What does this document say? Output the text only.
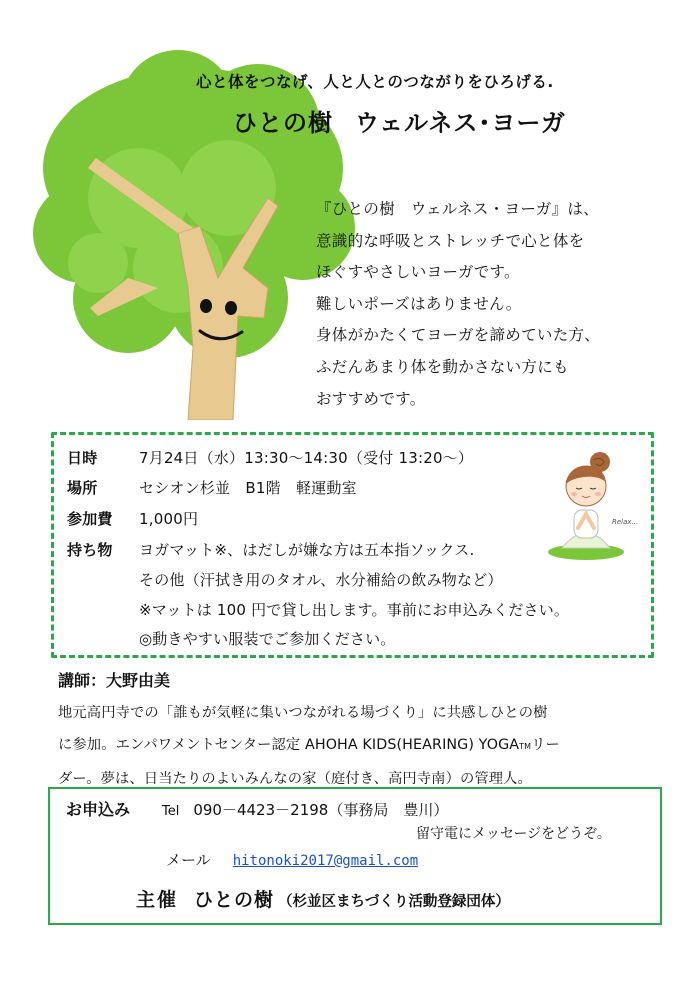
心と体をつなげ、人と人とのつながりをひろげる.
ひとの樹 ウェルネス･ヨーガ
『ひとの樹　ウェルネス・ヨーガ』は、
意識的な呼吸とストレッチで心と体を
ほぐすやさしいヨーガです。
難しいポーズはありません。
身体がかたくてヨーガを諦めていた方、
ふだんあまり体を動かさない方にも
おすすめです。
日時	7月24日（水）13:30～14:30（受付 13:20～）
場所	セシオン杉並　B1階　軽運動室
参加費 1,000円
持ち物 ヨガマット※、はだしが嫌な方は五本指ソックス.
その他（汗拭き用のタオル、水分補給の飲み物など）
※マットは 100 円で貸し出します。事前にお申込みください。
◎動きやすい服装でご参加ください。
Relax...
講師：大野由美
地元高円寺での「誰もが気軽に集いつながれる場づくり」に共感しひとの樹
に参加。エンパワメントセンター認定 AHOHA KIDS(HEARING) YOGATMリー
ダー。夢は、日当たりのよいみんなの家（庭付き、高円寺南）の管理人。
お申込み Tel 090－4423－2198（事務局　豊川）
留守電にメッセージをどうぞ。
メール hitonoki2017@gmail.com
主催 ひとの樹 （杉並区まちづくり活動登録団体）
